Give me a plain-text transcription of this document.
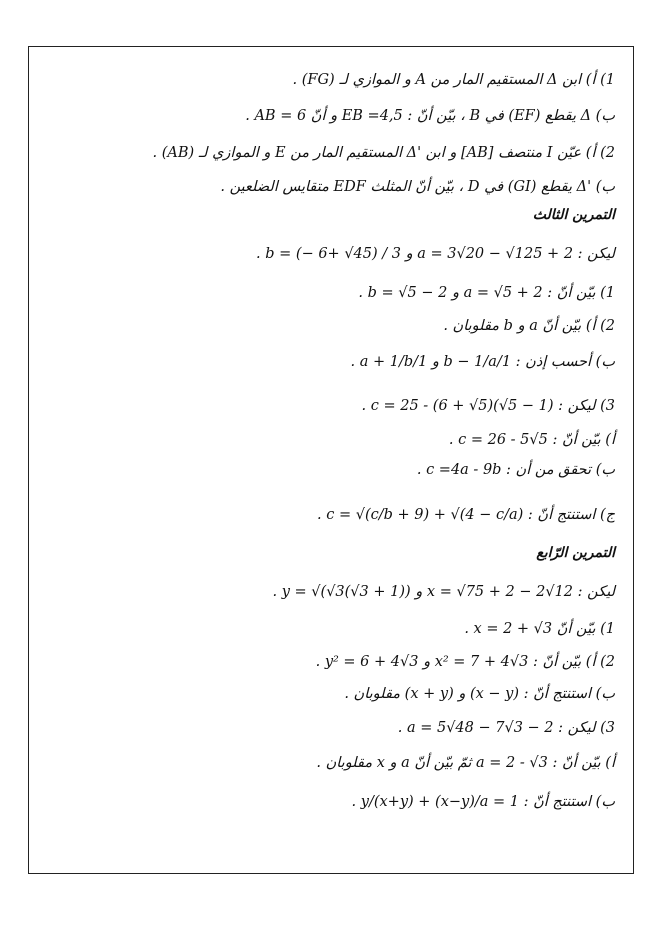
1) أ) ابن Δ المستقيم المار من A و الموازي لـ (FG) .
ب) Δ يقطع (EF) في B ، بيّن أنّ : EB =4,5 و أنّ AB = 6 .
2) أ) عيّن I منتصف [AB] و ابن 'Δ المستقيم المار من E و الموازي لـ (AB) .
ب) 'Δ يقطع (GI) في D ، بيّن أنّ المثلث EDF متقايس الضلعين .
التمرين الثالث
ليكن : a = 3√20 − √125 + 2 و b = (− 6+ √45) / 3 .
1) بيّن أنّ : a = √5 + 2 و b = √5 − 2 .
2) أ) بيّن أنّ a و b مقلوبان .
ب) أحسب إذن : 1/b − 1/a و 1/a + 1/b .
3) ليكن : c = 25 - (6 + √5)(√5 − 1) .
أ) بيّن أنّ : c = 26 - 5√5 .
ب) تحقق من أن : c =4a - 9b .
ج) استنتج أنّ : c = √(c/b + 9) + √(4 − c/a) .
التمرين الرّابع
ليكن : x = √75 + 2 − 2√12 و y = √(√3(√3 + 1)) .
1) بيّن أنّ x = 2 + √3 .
2) أ) بيّن أنّ : x² = 7 + 4√3 و y² = 6 + 4√3 .
ب) استنتج أنّ : (x − y) و (x + y) مقلوبان .
3) ليكن : a = 5√48 − 7√3 − 2 .
أ) بيّن أنّ : a = 2 - √3 ثمّ بيّن أنّ a و x مقلوبان .
ب) استنتج أنّ : 1 = y/(x+y) + (x−y)/a .
